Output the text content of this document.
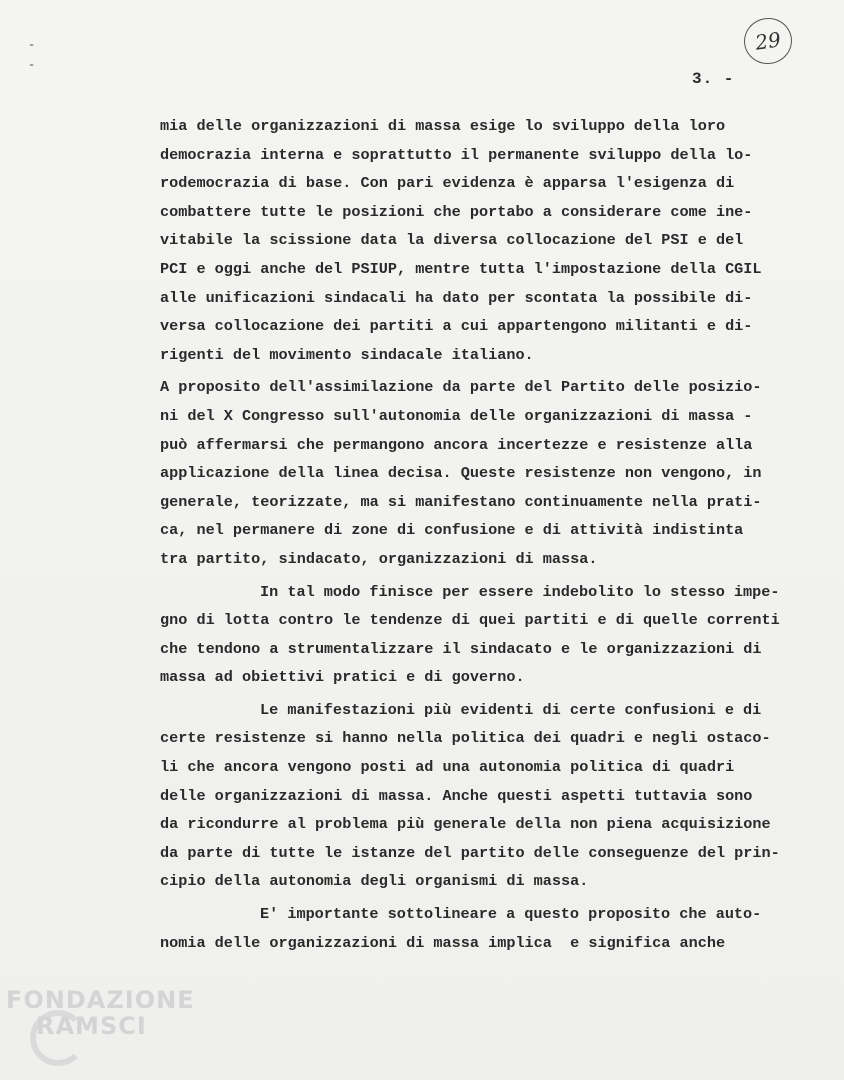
-
-
29
3. -
mia delle organizzazioni di massa esige lo sviluppo della loro
democrazia interna e soprattutto il permanente sviluppo della lo-
rodemocrazia di base. Con pari evidenza è apparsa l'esigenza di
combattere tutte le posizioni che portabo a considerare come ine-
vitabile la scissione data la diversa collocazione del PSI e del
PCI e oggi anche del PSIUP, mentre tutta l'impostazione della CGIL
alle unificazioni sindacali ha dato per scontata la possibile di-
versa collocazione dei partiti a cui appartengono militanti e di-
rigenti del movimento sindacale italiano.
A proposito dell'assimilazione da parte del Partito delle posizio-
ni del X Congresso sull'autonomia delle organizzazioni di massa -
può affermarsi che permangono ancora incertezze e resistenze alla
applicazione della linea decisa. Queste resistenze non vengono, in
generale, teorizzate, ma si manifestano continuamente nella prati-
ca, nel permanere di zone di confusione e di attività indistinta
tra partito, sindacato, organizzazioni di massa.
In tal modo finisce per essere indebolito lo stesso impe-
gno di lotta contro le tendenze di quei partiti e di quelle correnti
che tendono a strumentalizzare il sindacato e le organizzazioni di
massa ad obiettivi pratici e di governo.
Le manifestazioni più evidenti di certe confusioni e di
certe resistenze si hanno nella politica dei quadri e negli ostaco-
li che ancora vengono posti ad una autonomia politica di quadri
delle organizzazioni di massa. Anche questi aspetti tuttavia sono
da ricondurre al problema più generale della non piena acquisizione
da parte di tutte le istanze del partito delle conseguenze del prin-
cipio della autonomia degli organismi di massa.
E' importante sottolineare a questo proposito che auto-
nomia delle organizzazioni di massa implica  e significa anche
FONDAZIONE
RAMSCI
